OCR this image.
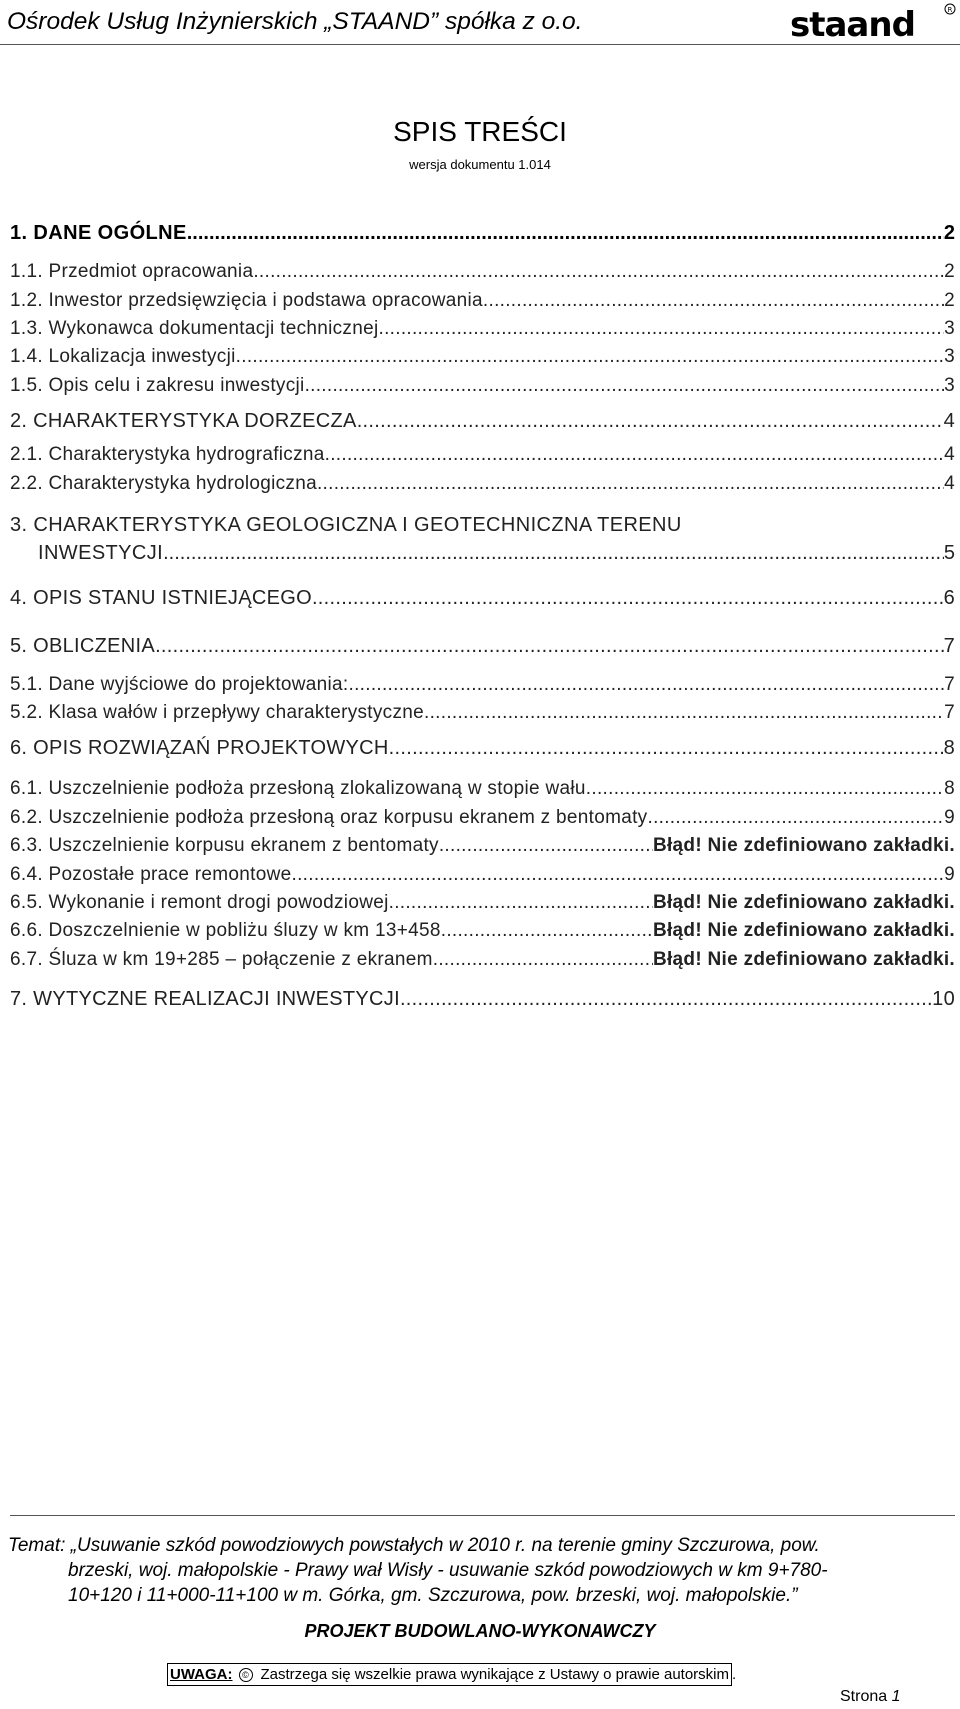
Ośrodek Usług Inżynierskich „STAAND” spółka z o.o.	staand	R
SPIS TREŚCI
wersja dokumentu 1.014
1. DANE OGÓLNE .....	2
1.1. Przedmiot opracowania .....	2
1.2. Inwestor przedsięwzięcia i podstawa opracowania .....	2
1.3. Wykonawca dokumentacji technicznej .....	3
1.4. Lokalizacja inwestycji .....	3
1.5. Opis celu i zakresu inwestycji .....	3
2. CHARAKTERYSTYKA DORZECZA .....	4
2.1. Charakterystyka hydrograficzna .....	4
2.2. Charakterystyka hydrologiczna .....	4
3. CHARAKTERYSTYKA GEOLOGICZNA I GEOTECHNICZNA TERENU
INWESTYCJI .....	5
4. OPIS STANU ISTNIEJĄCEGO .....	6
5. OBLICZENIA .....	7
5.1. Dane wyjściowe do projektowania: .....	7
5.2. Klasa wałów i przepływy charakterystyczne .....	7
6. OPIS ROZWIĄZAŃ PROJEKTOWYCH .....	8
6.1. Uszczelnienie podłoża przesłoną zlokalizowaną w stopie wału .....	8
6.2. Uszczelnienie podłoża przesłoną oraz korpusu ekranem z bentomaty .....	9
6.3. Uszczelnienie korpusu ekranem z bentomaty .....	Błąd! Nie zdefiniowano zakładki.
6.4. Pozostałe prace remontowe .....	9
6.5. Wykonanie i remont drogi powodziowej .....	Błąd! Nie zdefiniowano zakładki.
6.6. Doszczelnienie w pobliżu śluzy w km 13+458 .....	Błąd! Nie zdefiniowano zakładki.
6.7. Śluza w km 19+285 – połączenie z ekranem .....	Błąd! Nie zdefiniowano zakładki.
7. WYTYCZNE REALIZACJI INWESTYCJI .....	10

Temat: „Usuwanie szkód powodziowych powstałych w 2010 r. na terenie gminy Szczurowa, pow.

brzeski, woj. małopolskie - Prawy wał Wisły - usuwanie szkód powodziowych w km 9+780-

10+120 i 11+000-11+100 w m. Górka, gm. Szczurowa, pow. brzeski, woj. małopolskie.”

PROJEKT BUDOWLANO-WYKONAWCZY
UWAGA:	© Zastrzega się wszelkie prawa wynikające z Ustawy o prawie autorskim .
Strona 1
